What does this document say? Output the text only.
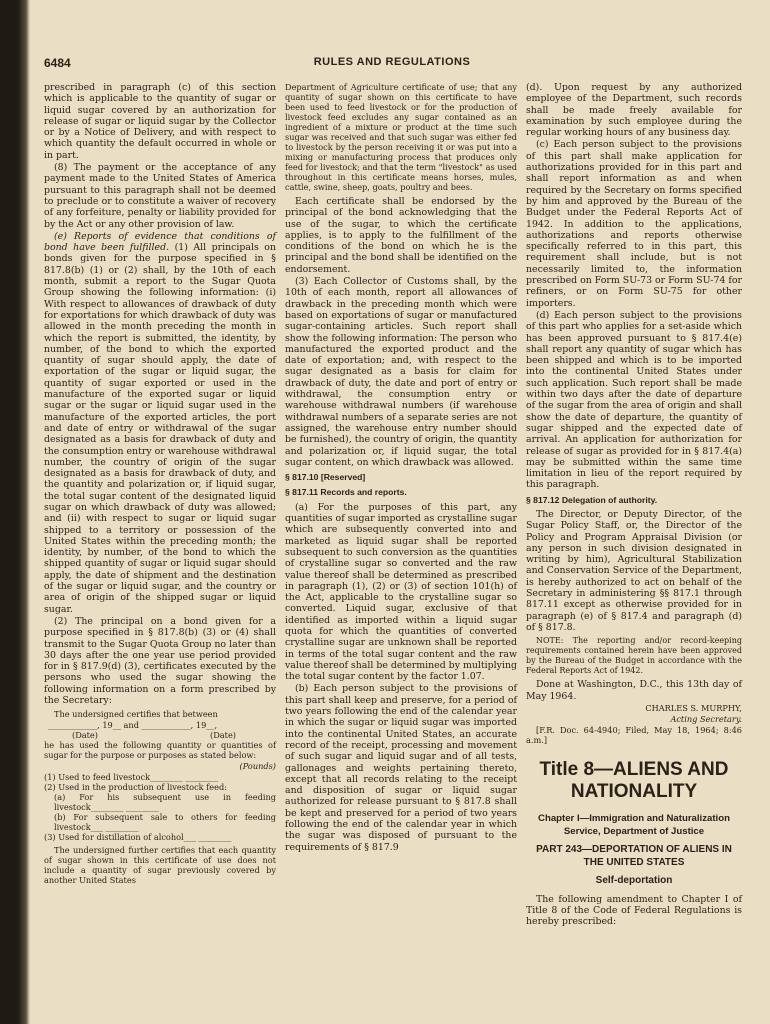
6484	RULES AND REGULATIONS

prescribed in paragraph (c) of this section which is applicable to the quantity of sugar or liquid sugar covered by an authorization for release of sugar or liquid sugar by the Collector or by a Notice of Delivery, and with respect to which quantity the default occurred in whole or in part.

(8) The payment or the acceptance of any payment made to the United States of America pursuant to this paragraph shall not be deemed to preclude or to constitute a waiver of recovery of any forfeiture, penalty or liability provided for by the Act or any other provision of law.

(e) Reports of evidence that conditions of bond have been fulfilled. (1) All principals on bonds given for the purpose specified in § 817.8(b) (1) or (2) shall, by the 10th of each month, submit a report to the Sugar Quota Group showing the following information: (i) With respect to allowances of drawback of duty for exportations for which drawback of duty was allowed in the month preceding the month in which the report is submitted, the identity, by number, of the bond to which the exported quantity of sugar should apply, the date of exportation of the sugar or liquid sugar, the quantity of sugar exported or used in the manufacture of the exported sugar or liquid sugar or the sugar or liquid sugar used in the manufacture of the exported articles, the port and date of entry or withdrawal of the sugar designated as a basis for drawback of duty and the consumption entry or warehouse withdrawal number, the country of origin of the sugar designated as a basis for drawback of duty, and the quantity and polarization or, if liquid sugar, the total sugar content of the designated liquid sugar on which drawback of duty was allowed; and (ii) with respect to sugar or liquid sugar shipped to a territory or possession of the United States within the preceding month; the identity, by number, of the bond to which the shipped quantity of sugar or liquid sugar should apply, the date of shipment and the destination of the sugar or liquid sugar, and the country or area of origin of the shipped sugar or liquid sugar.

(2) The principal on a bond given for a purpose specified in § 817.8(b) (3) or (4) shall transmit to the Sugar Quota Group no later than 30 days after the one year use period provided for in § 817.9(d) (3), certificates executed by the persons who used the sugar showing the following information on a form prescribed by the Secretary:

The undersigned certifies that between

____________, 19__ and ____________, 19__,
(Date)	(Date)

he has used the following quantity or quantities of sugar for the purpose or purposes as stated below:

(Pounds)

(1) Used to feed livestock________ ________
(2) Used in the production of livestock feed:
(a) For his subsequent use in feeding livestock________ ________
(b) For subsequent sale to others for feeding livestock___ ________
(3) Used for distillation of alcohol___ ________

The undersigned further certifies that each quantity of sugar shown in this certificate of use does not include a quantity of sugar previously covered by another United States

Department of Agriculture certificate of use; that any quantity of sugar shown on this certificate to have been used to feed livestock or for the production of livestock feed excludes any sugar contained as an ingredient of a mixture or product at the time such sugar was received and that such sugar was either fed to livestock by the person receiving it or was put into a mixing or manufacturing process that produces only feed for livestock; and that the term "livestock" as used throughout in this certificate means horses, mules, cattle, swine, sheep, goats, poultry and bees.

Each certificate shall be endorsed by the principal of the bond acknowledging that the use of the sugar, to which the certificate applies, is to apply to the fulfillment of the conditions of the bond on which he is the principal and the bond shall be identified on the endorsement.

(3) Each Collector of Customs shall, by the 10th of each month, report all allowances of drawback in the preceding month which were based on exportations of sugar or manufactured sugar-containing articles. Such report shall show the following information: The person who manufactured the exported product and the date of exportation; and, with respect to the sugar designated as a basis for claim for drawback of duty, the date and port of entry or withdrawal, the consumption entry or warehouse withdrawal numbers (if warehouse withdrawal numbers of a separate series are not assigned, the warehouse entry number should be furnished), the country of origin, the quantity and polarization or, if liquid sugar, the total sugar content, on which drawback was allowed.

§ 817.10 [Reserved]

§ 817.11 Records and reports.

(a) For the purposes of this part, any quantities of sugar imported as crystalline sugar which are subsequently converted into and marketed as liquid sugar shall be reported subsequent to such conversion as the quantities of crystalline sugar so converted and the raw value thereof shall be determined as prescribed in paragraph (1), (2) or (3) of section 101(h) of the Act, applicable to the crystalline sugar so converted. Liquid sugar, exclusive of that identified as imported within a liquid sugar quota for which the quantities of converted crystalline sugar are unknown shall be reported in terms of the total sugar content and the raw value thereof shall be determined by multiplying the total sugar content by the factor 1.07.

(b) Each person subject to the provisions of this part shall keep and preserve, for a period of two years following the end of the calendar year in which the sugar or liquid sugar was imported into the continental United States, an accurate record of the receipt, processing and movement of such sugar and liquid sugar and of all tests, gallonages and weights pertaining thereto, except that all records relating to the receipt and disposition of sugar or liquid sugar authorized for release pursuant to § 817.8 shall be kept and preserved for a period of two years following the end of the calendar year in which the sugar was disposed of pursuant to the requirements of § 817.9

(d). Upon request by any authorized employee of the Department, such records shall be made freely available for examination by such employee during the regular working hours of any business day.

(c) Each person subject to the provisions of this part shall make application for authorizations provided for in this part and shall report information as and when required by the Secretary on forms specified by him and approved by the Bureau of the Budget under the Federal Reports Act of 1942. In addition to the applications, authorizations and reports otherwise specifically referred to in this part, this requirement shall include, but is not necessarily limited to, the information prescribed on Form SU-73 or Form SU-74 for refiners, or on Form SU-75 for other importers.

(d) Each person subject to the provisions of this part who applies for a set-aside which has been approved pursuant to § 817.4(e) shall report any quantity of sugar which has been shipped and which is to be imported into the continental United States under such application. Such report shall be made within two days after the date of departure of the sugar from the area of origin and shall show the date of departure, the quantity of sugar shipped and the expected date of arrival. An application for authorization for release of sugar as provided for in § 817.4(a) may be submitted within the same time limitation in lieu of the report required by this paragraph.

§ 817.12 Delegation of authority.

The Director, or Deputy Director, of the Sugar Policy Staff, or, the Director of the Policy and Program Appraisal Division (or any person in such division designated in writing by him), Agricultural Stabilization and Conservation Service of the Department, is hereby authorized to act on behalf of the Secretary in administering §§ 817.1 through 817.11 except as otherwise provided for in paragraph (e) of § 817.4 and paragraph (d) of § 817.8.

NOTE: The reporting and/or record-keeping requirements contained herein have been approved by the Bureau of the Budget in accordance with the Federal Reports Act of 1942.

Done at Washington, D.C., this 13th day of May 1964.

CHARLES S. MURPHY,

Acting Secretary.

[F.R. Doc. 64-4940; Filed, May 18, 1964; 8:46 a.m.]

Title 8—ALIENS AND NATIONALITY
Chapter I—Immigration and Naturalization Service, Department of Justice
PART 243—DEPORTATION OF ALIENS IN THE UNITED STATES
Self-deportation

The following amendment to Chapter I of Title 8 of the Code of Federal Regulations is hereby prescribed:
